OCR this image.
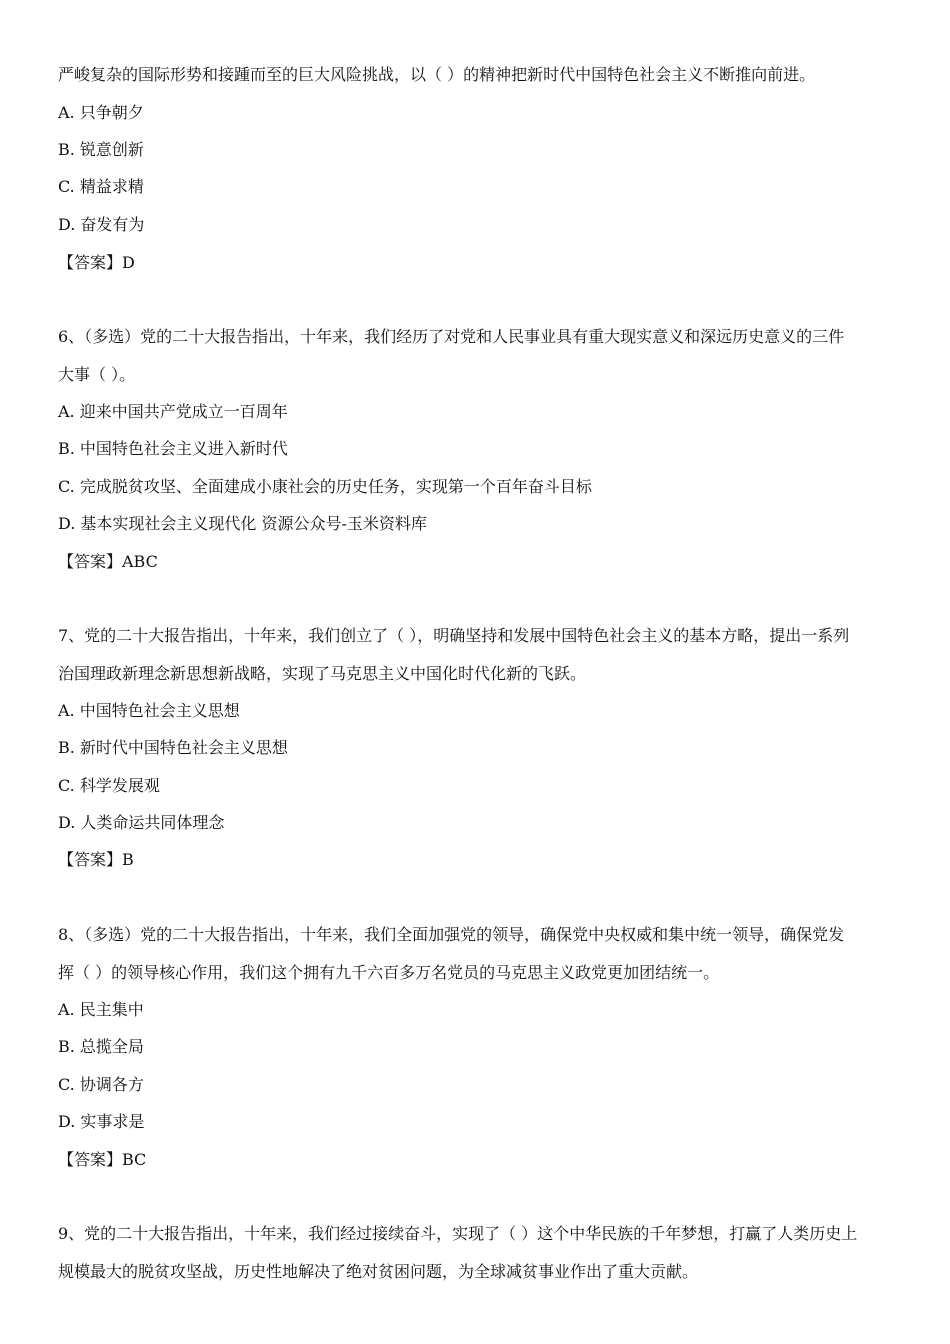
严峻复杂的国际形势和接踵而至的巨大风险挑战，以（ ）的精神把新时代中国特色社会主义不断推向前进。
A. 只争朝夕
B. 锐意创新
C. 精益求精
D. 奋发有为
【答案】D
6、（多选）党的二十大报告指出，十年来，我们经历了对党和人民事业具有重大现实意义和深远历史意义的三件
大事（ ）。
A. 迎来中国共产党成立一百周年
B. 中国特色社会主义进入新时代
C. 完成脱贫攻坚、全面建成小康社会的历史任务，实现第一个百年奋斗目标
D. 基本实现社会主义现代化 资源公众号-玉米资料库
【答案】ABC
7、党的二十大报告指出，十年来，我们创立了（ ），明确坚持和发展中国特色社会主义的基本方略，提出一系列
治国理政新理念新思想新战略，实现了马克思主义中国化时代化新的飞跃。
A. 中国特色社会主义思想
B. 新时代中国特色社会主义思想
C. 科学发展观
D. 人类命运共同体理念
【答案】B
8、（多选）党的二十大报告指出，十年来，我们全面加强党的领导，确保党中央权威和集中统一领导，确保党发
挥（ ）的领导核心作用，我们这个拥有九千六百多万名党员的马克思主义政党更加团结统一。
A. 民主集中
B. 总揽全局
C. 协调各方
D. 实事求是
【答案】BC
9、党的二十大报告指出，十年来，我们经过接续奋斗，实现了（ ）这个中华民族的千年梦想，打赢了人类历史上
规模最大的脱贫攻坚战，历史性地解决了绝对贫困问题，为全球减贫事业作出了重大贡献。
